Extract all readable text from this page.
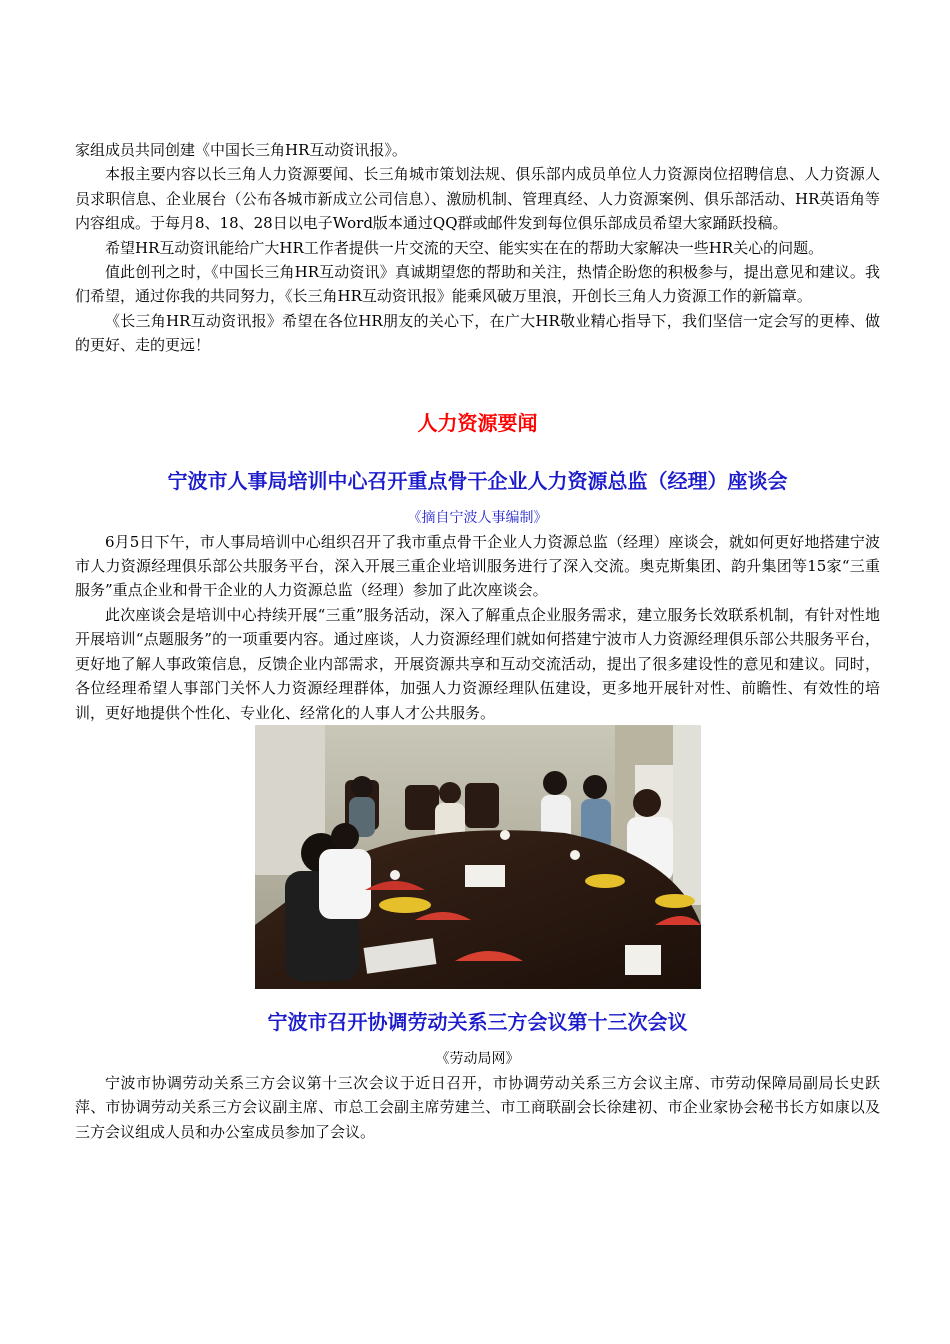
家组成员共同创建《中国长三角HR互动资讯报》。

本报主要内容以长三角人力资源要闻、长三角城市策划法规、俱乐部内成员单位人力资源岗位招聘信息、人力资源人员求职信息、企业展台（公布各城市新成立公司信息）、激励机制、管理真经、人力资源案例、俱乐部活动、HR英语角等内容组成。于每月8、18、28日以电子Word版本通过QQ群或邮件发到每位俱乐部成员希望大家踊跃投稿。

希望HR互动资讯能给广大HR工作者提供一片交流的天空、能实实在在的帮助大家解决一些HR关心的问题。

值此创刊之时，《中国长三角HR互动资讯》真诚期望您的帮助和关注，热情企盼您的积极参与，提出意见和建议。我们希望，通过你我的共同努力，《长三角HR互动资讯报》能乘风破万里浪，开创长三角人力资源工作的新篇章。

《长三角HR互动资讯报》希望在各位HR朋友的关心下，在广大HR敬业精心指导下，我们坚信一定会写的更棒、做的更好、走的更远！

人力资源要闻
宁波市人事局培训中心召开重点骨干企业人力资源总监（经理）座谈会
《摘自宁波人事编制》

6月5日下午，市人事局培训中心组织召开了我市重点骨干企业人力资源总监（经理）座谈会，就如何更好地搭建宁波市人力资源经理俱乐部公共服务平台，深入开展三重企业培训服务进行了深入交流。奥克斯集团、韵升集团等15家“三重服务”重点企业和骨干企业的人力资源总监（经理）参加了此次座谈会。

此次座谈会是培训中心持续开展“三重”服务活动，深入了解重点企业服务需求，建立服务长效联系机制，有针对性地开展培训“点题服务”的一项重要内容。通过座谈，人力资源经理们就如何搭建宁波市人力资源经理俱乐部公共服务平台，更好地了解人事政策信息，反馈企业内部需求，开展资源共享和互动交流活动，提出了很多建设性的意见和建议。同时，各位经理希望人事部门关怀人力资源经理群体，加强人力资源经理队伍建设，更多地开展针对性、前瞻性、有效性的培训，更好地提供个性化、专业化、经常化的人事人才公共服务。

宁波市召开协调劳动关系三方会议第十三次会议
《劳动局网》

宁波市协调劳动关系三方会议第十三次会议于近日召开，市协调劳动关系三方会议主席、市劳动保障局副局长史跃萍、市协调劳动关系三方会议副主席、市总工会副主席劳建兰、市工商联副会长徐建初、市企业家协会秘书长方如康以及三方会议组成人员和办公室成员参加了会议。
